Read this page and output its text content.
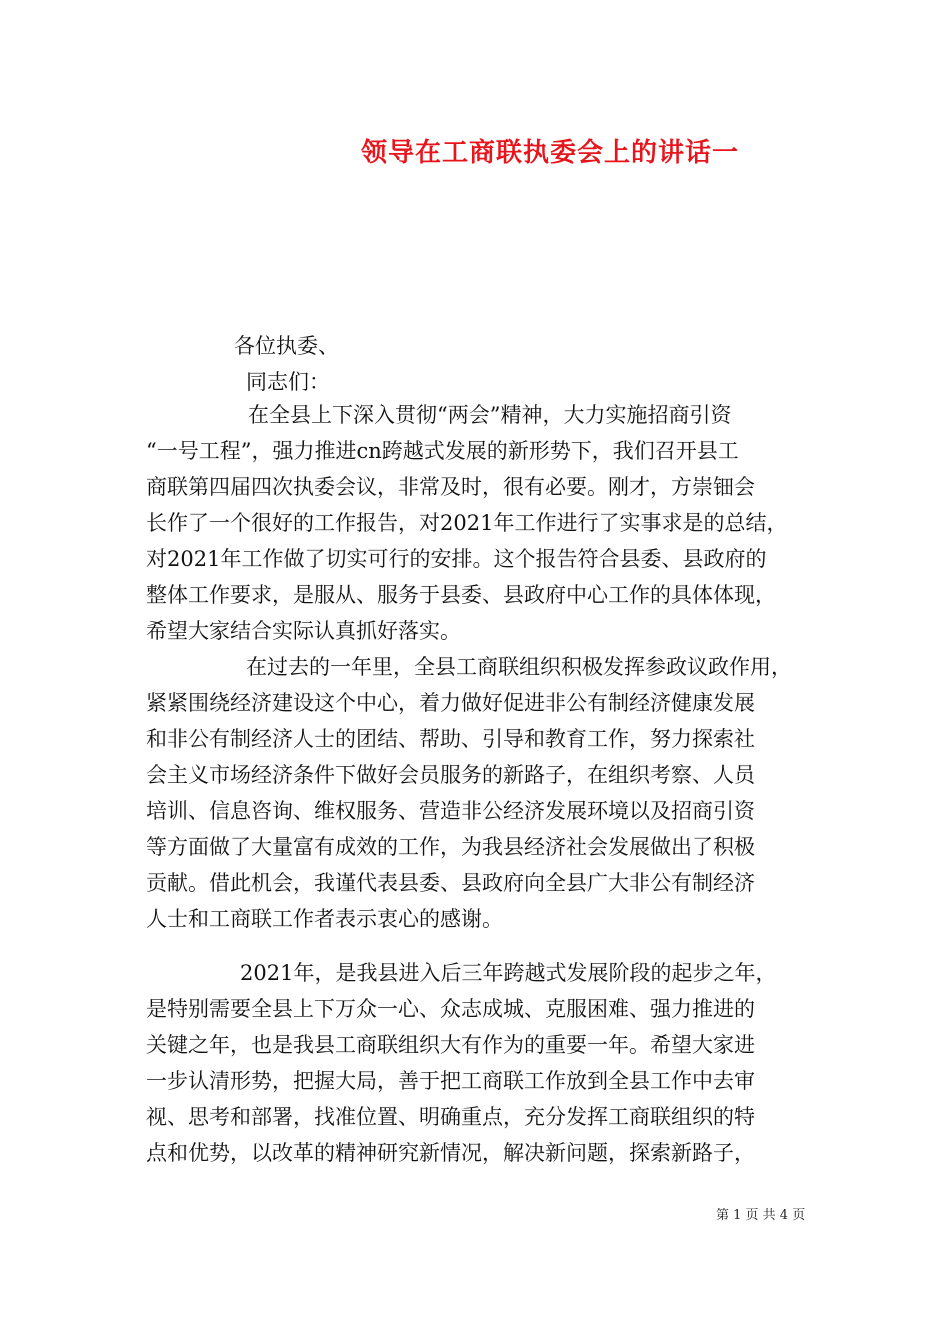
领导在工商联执委会上的讲话一
各位执委、
同志们：
在全县上下深入贯彻“两会”精神，大力实施招商引资
“一号工程”，强力推进cn跨越式发展的新形势下，我们召开县工
商联第四届四次执委会议，非常及时，很有必要。刚才，方崇钿会
长作了一个很好的工作报告，对2021年工作进行了实事求是的总结，
对2021年工作做了切实可行的安排。这个报告符合县委、县政府的
整体工作要求，是服从、服务于县委、县政府中心工作的具体体现，
希望大家结合实际认真抓好落实。
在过去的一年里，全县工商联组织积极发挥参政议政作用，
紧紧围绕经济建设这个中心，着力做好促进非公有制经济健康发展
和非公有制经济人士的团结、帮助、引导和教育工作，努力探索社
会主义市场经济条件下做好会员服务的新路子，在组织考察、人员
培训、信息咨询、维权服务、营造非公经济发展环境以及招商引资
等方面做了大量富有成效的工作，为我县经济社会发展做出了积极
贡献。借此机会，我谨代表县委、县政府向全县广大非公有制经济
人士和工商联工作者表示衷心的感谢。
2021年，是我县进入后三年跨越式发展阶段的起步之年，
是特别需要全县上下万众一心、众志成城、克服困难、强力推进的
关键之年，也是我县工商联组织大有作为的重要一年。希望大家进
一步认清形势，把握大局，善于把工商联工作放到全县工作中去审
视、思考和部署，找准位置、明确重点，充分发挥工商联组织的特
点和优势，以改革的精神研究新情况，解决新问题，探索新路子，
第 1 页 共 4 页
